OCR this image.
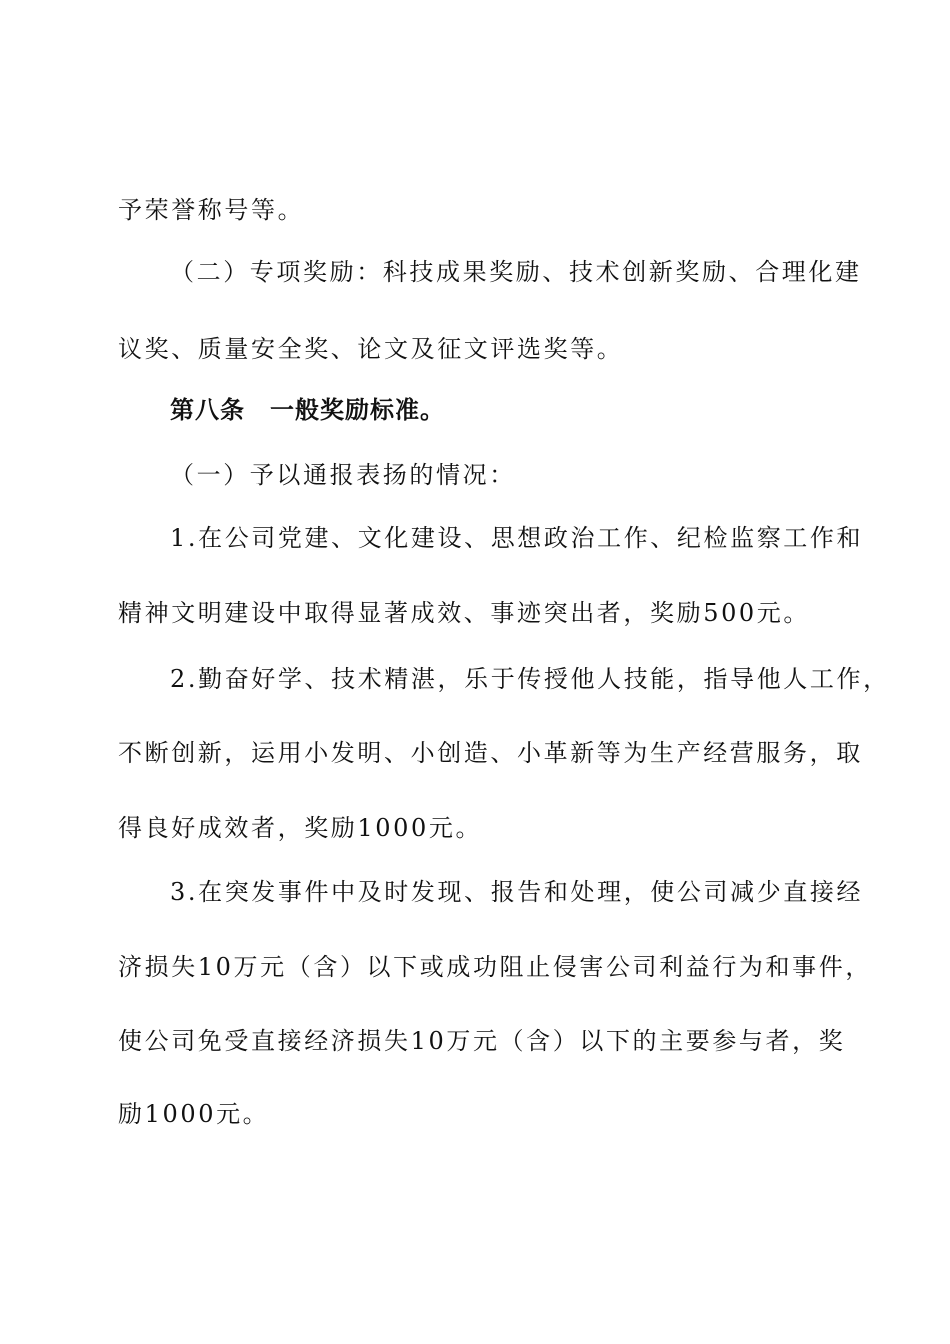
予荣誉称号等。
（二）专项奖励：科技成果奖励、技术创新奖励、合理化建
议奖、质量安全奖、论文及征文评选奖等。
第八条　一般奖励标准。
（一）予以通报表扬的情况：
1.在公司党建、文化建设、思想政治工作、纪检监察工作和
精神文明建设中取得显著成效、事迹突出者，奖励500元。
2.勤奋好学、技术精湛，乐于传授他人技能，指导他人工作，
不断创新，运用小发明、小创造、小革新等为生产经营服务，取
得良好成效者，奖励1000元。
3.在突发事件中及时发现、报告和处理，使公司减少直接经
济损失10万元（含）以下或成功阻止侵害公司利益行为和事件，
使公司免受直接经济损失10万元（含）以下的主要参与者，奖
励1000元。
